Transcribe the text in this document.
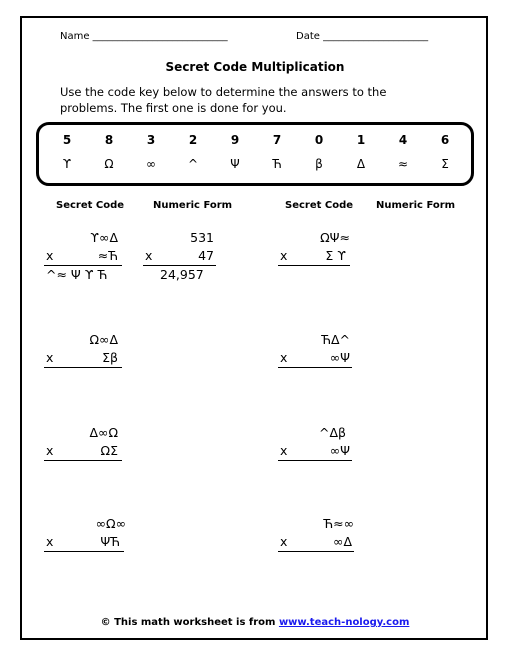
Name ___________________________	Date _____________________
Secret Code Multiplication
Use the code key below to determine the answers to the
problems. The first one is done for you.
5	8	3	2	9	7	0	1	4	6
ϒ	Ω	∞	^	Ψ	Ћ	β	Δ	≈	Σ
Secret Code	Numeric Form	Secret Code Numeric Form
ϒ∞Δ
x	≈Ћ
^≈ Ψ ϒ Ћ
531
x	47
24,957
ΩΨ≈
x	Σ ϒ
Ω∞Δ
x	Σβ
ЋΔ^
x	∞Ψ
Δ∞Ω
x	ΩΣ
^Δβ
x	∞Ψ
∞Ω∞
x	ΨЋ
Ћ≈∞
x	∞Δ
© This math worksheet is from www.teach-nology.com
